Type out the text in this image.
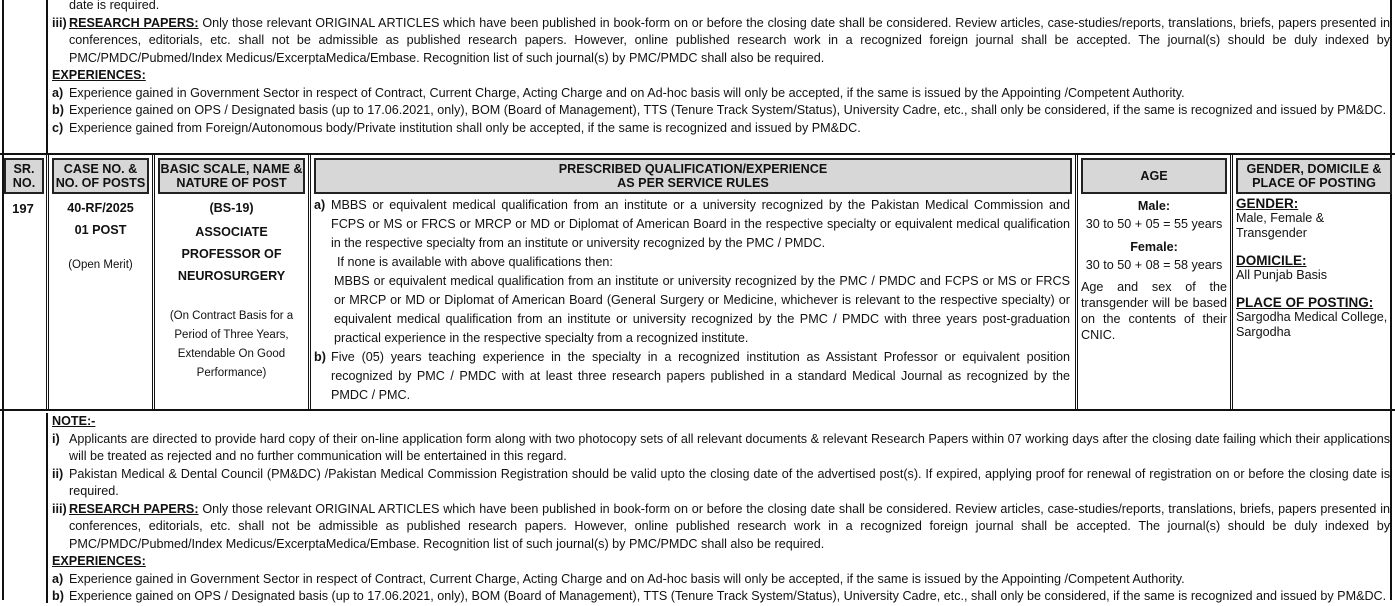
date is required.
iii) RESEARCH PAPERS: Only those relevant ORIGINAL ARTICLES which have been published in book-form on or before the closing date shall be considered. Review articles, case-studies/reports, translations, briefs, papers presented in conferences, editorials, etc. shall not be admissible as published research papers. However, online published research work in a recognized foreign journal shall be accepted. The journal(s) should be duly indexed by PMC/PMDC/Pubmed/Index Medicus/ExcerptaMedica/Embase. Recognition list of such journal(s) by PMC/PMDC shall also be required.
EXPERIENCES:
a) Experience gained in Government Sector in respect of Contract, Current Charge, Acting Charge and on Ad-hoc basis will only be accepted, if the same is issued by the Appointing /Competent Authority.
b) Experience gained on OPS / Designated basis (up to 17.06.2021, only), BOM (Board of Management), TTS (Tenure Track System/Status), University Cadre, etc., shall only be considered, if the same is recognized and issued by PM&DC.
c) Experience gained from Foreign/Autonomous body/Private institution shall only be accepted, if the same is recognized and issued by PM&DC.
SR. NO.
197
CASE NO. & NO. OF POSTS
40-RF/2025
01 POST
(Open Merit)
BASIC SCALE, NAME & NATURE OF POST
(BS-19)
ASSOCIATE PROFESSOR OF NEUROSURGERY
(On Contract Basis for a Period of Three Years, Extendable On Good Performance)
PRESCRIBED QUALIFICATION/EXPERIENCE
AS PER SERVICE RULES
a) MBBS or equivalent medical qualification from an institute or a university recognized by the Pakistan Medical Commission and FCPS or MS or FRCS or MRCP or MD or Diplomat of American Board in the respective specialty or equivalent medical qualification in the respective specialty from an institute or university recognized by the PMC / PMDC.
If none is available with above qualifications then:
MBBS or equivalent medical qualification from an institute or university recognized by the PMC / PMDC and FCPS or MS or FRCS or MRCP or MD or Diplomat of American Board (General Surgery or Medicine, whichever is relevant to the respective specialty) or equivalent medical qualification from an institute or university recognized by the PMC / PMDC with three years post-graduation practical experience in the respective specialty from a recognized institute.
b) Five (05) years teaching experience in the specialty in a recognized institution as Assistant Professor or equivalent position recognized by PMC / PMDC with at least three research papers published in a standard Medical Journal as recognized by the PMDC / PMC.
AGE
Male:
30 to 50 + 05 = 55 years
Female:
30 to 50 + 08 = 58 years
Age and sex of the transgender will be based on the contents of their CNIC.
GENDER, DOMICILE & PLACE OF POSTING
GENDER:
Male, Female & Transgender
DOMICILE:
All Punjab Basis
PLACE OF POSTING:
Sargodha Medical College, Sargodha
NOTE:-
i) Applicants are directed to provide hard copy of their on-line application form along with two photocopy sets of all relevant documents & relevant Research Papers within 07 working days after the closing date failing which their applications will be treated as rejected and no further communication will be entertained in this regard.
ii) Pakistan Medical & Dental Council (PM&DC) /Pakistan Medical Commission Registration should be valid upto the closing date of the advertised post(s). If expired, applying proof for renewal of registration on or before the closing date is required.
iii) RESEARCH PAPERS: Only those relevant ORIGINAL ARTICLES which have been published in book-form on or before the closing date shall be considered. Review articles, case-studies/reports, translations, briefs, papers presented in conferences, editorials, etc. shall not be admissible as published research papers. However, online published research work in a recognized foreign journal shall be accepted. The journal(s) should be duly indexed by PMC/PMDC/Pubmed/Index Medicus/ExcerptaMedica/Embase. Recognition list of such journal(s) by PMC/PMDC shall also be required.
EXPERIENCES:
a) Experience gained in Government Sector in respect of Contract, Current Charge, Acting Charge and on Ad-hoc basis will only be accepted, if the same is issued by the Appointing /Competent Authority.
b) Experience gained on OPS / Designated basis (up to 17.06.2021, only), BOM (Board of Management), TTS (Tenure Track System/Status), University Cadre, etc., shall only be considered, if the same is recognized and issued by PM&DC.
